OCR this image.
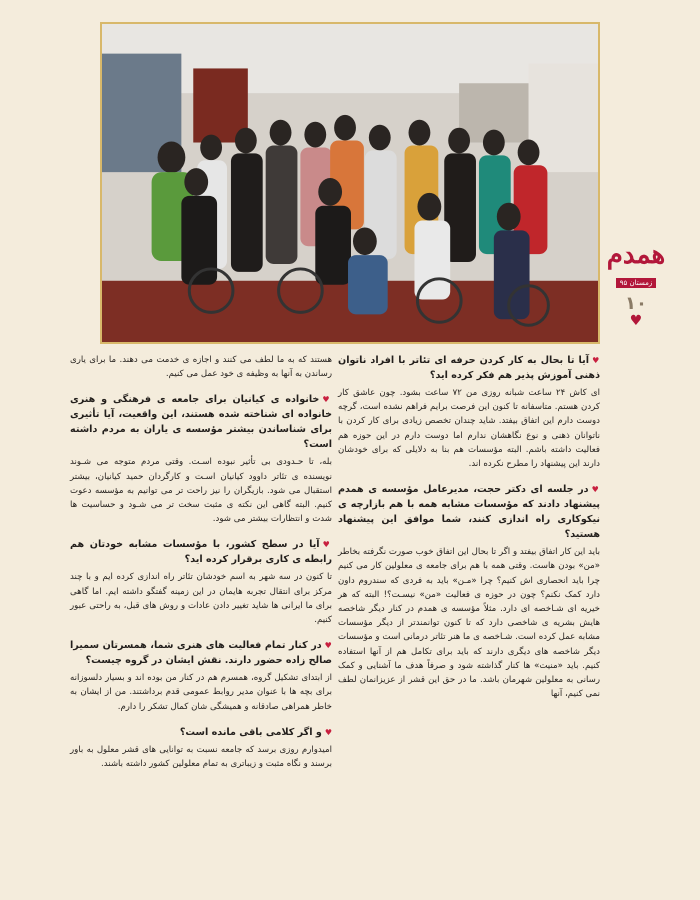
همدم
زمستان ۹۵
۱۰
♥

♥آیا تا بحال به کار کردن حرفه ای تئاتر با افراد ناتوان ذهنی آموزش پذیر هم فکر کرده اید؟

ای کاش ۲۴ ساعت شبانه روزی من ۷۲ ساعت بشود. چون عاشق کار کردن هستم. متاسفانه تا کنون این فرصت برایم فراهم نشده است، گرچه دوست دارم این اتفاق بیفتد. شاید چندان تخصص زیادی برای کار کردن با ناتوانان ذهنی و نوع نگاهشان ندارم اما دوست دارم در این حوزه هم فعالیت داشته باشم. البته مؤسسات هم بنا به دلایلی که برای خودشان دارند این پیشنهاد را مطرح نکرده اند.

♥در جلسه ای دکتر حجت، مدیرعامل مؤسسه ی همدم پیشنهاد دادند که مؤسسات مشابه همه با هم بازارچه ی نیکوکاری راه اندازی کنند، شما موافق این پیشنهاد هستید؟

باید این کار اتفاق بیفتد و اگر تا بحال این اتفاق خوب صورت نگرفته بخاطر «من» بودن هاست. وقتی همه با هم برای جامعه ی معلولین کار می کنیم چرا باید انحصاری اش کنیم؟ چرا «مـن» باید به فردی که سندروم داون دارد کمک نکنم؟ چون در حوزه ی فعالیت «من» نیسـت؟! البته که هر خیریه ای شـاخصه ای دارد. مثلاً مؤسسه ی همدم در کنار دیگر شاخصه هایش بشریه ی شاخصی دارد که تا کنون توانمندتر از دیگر مؤسسات مشابه عمل کرده است. شـاخصه ی ما هنر تئاتر درمانی است و مؤسسات دیگر شاخصه های دیگری دارند که باید برای تکامل هم از آنها استفاده کنیم. باید «منیت» ها کنار گذاشته شود و صرفاً هدف ما آشنایی و کمک رسانی به معلولین شهرمان باشد. ما در حق این قشر از عزیزانمان لطف نمی کنیم، آنها

هستند که به ما لطف می کنند و اجازه ی خدمت می دهند. ما برای یاری رساندن به آنها به وظیفه ی خود عمل می کنیم.

♥خانواده ی کیانیان برای جامعه ی فرهنگی و هنری خانواده ای شناخته شده هستند، این واقعیت، آیا تأثیری برای شناساندن بیشتر مؤسسه ی یاران به مردم داشته است؟

بله، تا حـدودی بی تأثیر نبوده اسـت. وقتی مردم متوجه می شـوند نویسنده ی تئاتر داوود کیانیان اسـت و کارگردان حمید کیانیان، بیشتر استقبال می شود. بازیگران را نیز راحت تر می توانیم به مؤسسه دعوت کنیم. البته گاهی این نکته ی مثبت سخت تر می شـود و حساسیت ها شدت و انتظارات بیشتر می شود.

♥آیا در سطح کشور، با مؤسسات مشابه خودتان هم رابطه ی کاری برقرار کرده اید؟

تا کنون در سه شهر به اسم خودشان تئاتر راه اندازی کرده ایم و با چند مرکز برای انتقال تجربه هایمان در این زمینه گفتگو داشته ایم. اما گاهی برای ما ایرانی ها شاید تغییر دادن عادات و روش های قبل، به راحتی عبور کنیم.

♥در کنار تمام فعالیت های هنری شما، همسرتان سمیرا صالح زاده حضور دارند. نقش ایشان در گروه چیست؟

از ابتدای تشکیل گروه، همسرم هم در کنار من بوده اند و بسیار دلسوزانه برای بچه ها با عنوان مدیر روابط عمومی قدم برداشتند. من از ایشان به خاطر همراهی صادقانه و همیشگی شان کمال تشکر را دارم.

♥و اگر کلامی باقی مانده است؟

امیدوارم روزی برسد که جامعه نسبت به توانایی های قشر معلول به باور برسند و نگاه مثبت و زیباتری به تمام معلولین کشور داشته باشند.
